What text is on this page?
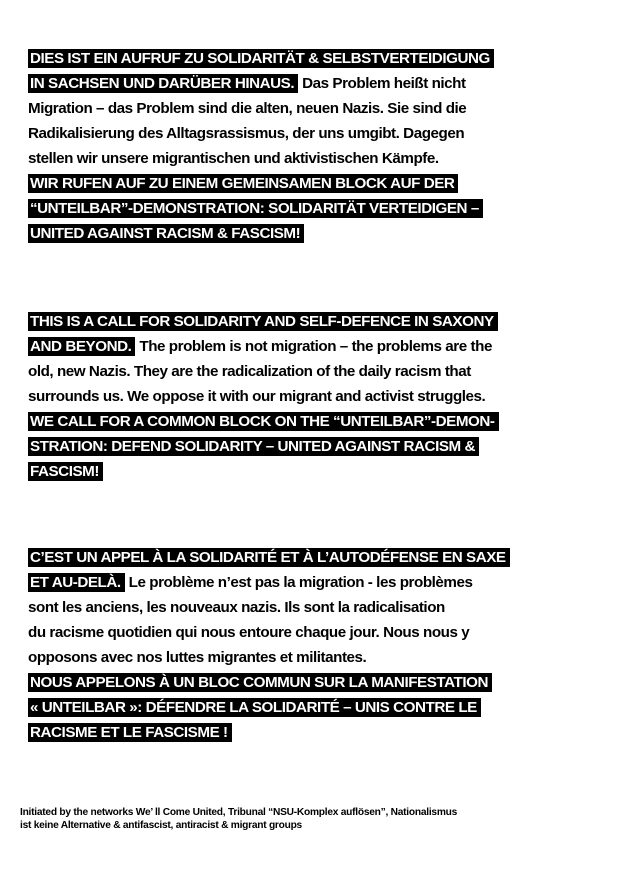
DIES IST EIN AUFRUF ZU SOLIDARITÄT & SELBSTVERTEIDIGUNG
IN SACHSEN UND DARÜBER HINAUS. Das Problem heißt nicht
Migration – das Problem sind die alten, neuen Nazis. Sie sind die
Radikalisierung des Alltagsrassismus, der uns umgibt. Dagegen
stellen wir unsere migrantischen und aktivistischen Kämpfe.
WIR RUFEN AUF ZU EINEM GEMEINSAMEN BLOCK AUF DER
“UNTEILBAR”-DEMONSTRATION: SOLIDARITÄT VERTEIDIGEN –
UNITED AGAINST RACISM & FASCISM!
THIS IS A CALL FOR SOLIDARITY AND SELF-DEFENCE IN SAXONY
AND BEYOND. The problem is not migration – the problems are the
old, new Nazis. They are the radicalization of the daily racism that
surrounds us. We oppose it with our migrant and activist struggles.
WE CALL FOR A COMMON BLOCK ON THE “UNTEILBAR”-DEMON-
STRATION: DEFEND SOLIDARITY – UNITED AGAINST RACISM &
FASCISM!
C’EST UN APPEL À LA SOLIDARITÉ ET À L’AUTODÉFENSE EN SAXE
ET AU-DELÀ. Le problème n’est pas la migration - les problèmes
sont les anciens, les nouveaux nazis. Ils sont la radicalisation
du racisme quotidien qui nous entoure chaque jour. Nous nous y
opposons avec nos luttes migrantes et militantes.
NOUS APPELONS À UN BLOC COMMUN SUR LA MANIFESTATION
« UNTEILBAR »: DÉFENDRE LA SOLIDARITÉ – UNIS CONTRE LE
RACISME ET LE FASCISME !
Initiated by the networks We’ ll Come United, Tribunal “NSU-Komplex auflösen”, Nationalismus
ist keine Alternative & antifascist, antiracist & migrant groups
